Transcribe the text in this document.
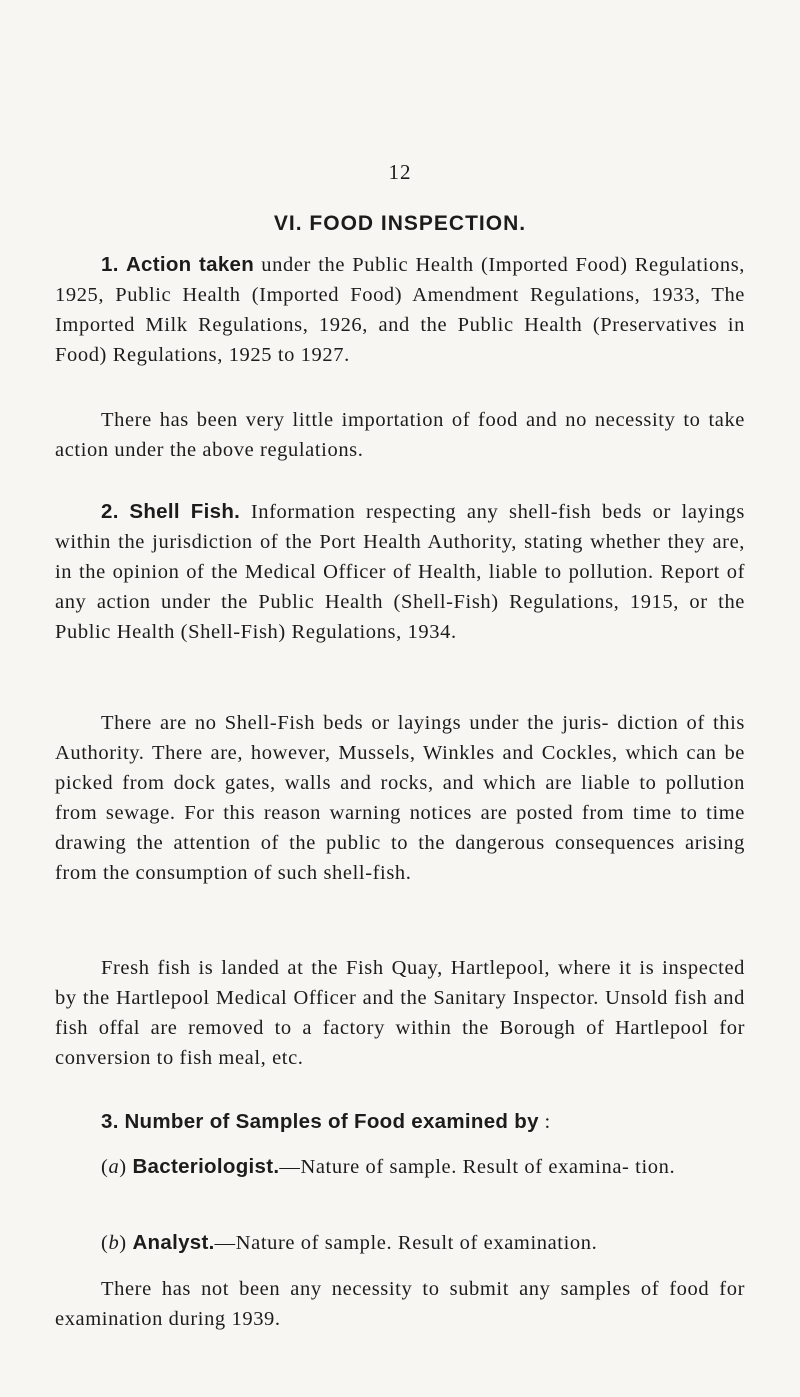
12
VI. FOOD INSPECTION.

1. Action taken under the Public Health (Imported Food) Regulations, 1925, Public Health (Imported Food) Amendment Regulations, 1933, The Imported Milk Regulations, 1926, and the Public Health (Preservatives in Food) Regulations, 1925 to 1927.

There has been very little importation of food and no necessity to take action under the above regulations.

2. Shell Fish. Information respecting any shell-fish beds or layings within the jurisdiction of the Port Health Authority, stating whether they are, in the opinion of the Medical Officer of Health, liable to pollution. Report of any action under the Public Health (Shell-Fish) Regulations, 1915, or the Public Health (Shell-Fish) Regulations, 1934.

There are no Shell-Fish beds or layings under the juris- diction of this Authority. There are, however, Mussels, Winkles and Cockles, which can be picked from dock gates, walls and rocks, and which are liable to pollution from sewage. For this reason warning notices are posted from time to time drawing the attention of the public to the dangerous consequences arising from the consumption of such shell-fish.

Fresh fish is landed at the Fish Quay, Hartlepool, where it is inspected by the Hartlepool Medical Officer and the Sanitary Inspector. Unsold fish and fish offal are removed to a factory within the Borough of Hartlepool for conversion to fish meal, etc.

3. Number of Samples of Food examined by :

(a) Bacteriologist.—Nature of sample. Result of examina- tion.

(b) Analyst.—Nature of sample. Result of examination.

There has not been any necessity to submit any samples of food for examination during 1939.
